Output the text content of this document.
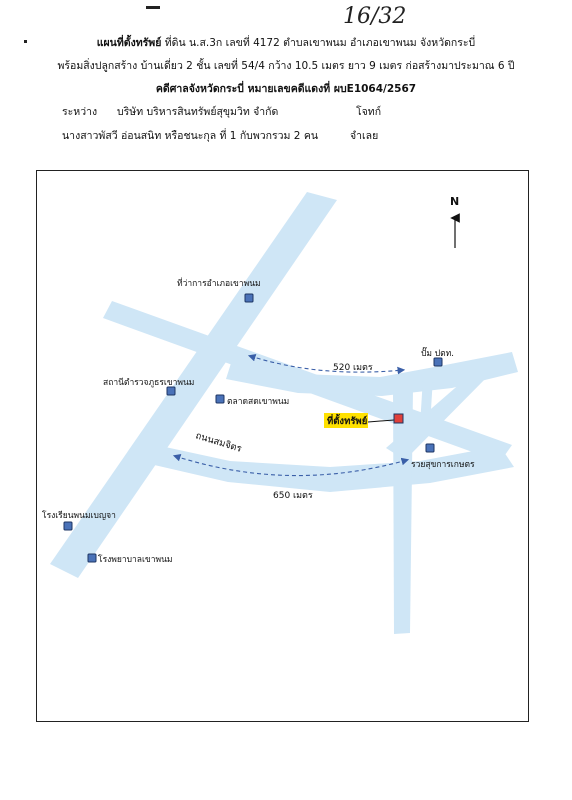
16/32
แผนที่ตั้งทรัพย์ ที่ดิน น.ส.3ก เลขที่ 4172 ตำบลเขาพนม อำเภอเขาพนม จังหวัดกระบี่
พร้อมสิ่งปลูกสร้าง บ้านเดี่ยว 2 ชั้น เลขที่ 54/4 กว้าง 10.5 เมตร ยาว 9 เมตร ก่อสร้างมาประมาณ 6 ปี
คดีศาลจังหวัดกระบี่ หมายเลขคดีแดงที่ ผบE1064/2567
ระหว่าง บริษัท บริหารสินทรัพย์สุขุมวิท จำกัด	โจทก์
นางสาวพัสวี อ่อนสนิท หรือชนะกุล ที่ 1 กับพวกรวม 2 คน	จำเลย
520 เมตร
650 เมตร
ถนนสมจิตร
N
ที่ว่าการอำเภอเขาพนม
สถานีตำรวจภูธรเขาพนม
ตลาดสดเขาพนม
ปั๊ม ปตท.
รวยสุขการเกษตร
โรงเรียนพนมเบญจา
โรงพยาบาลเขาพนม
ที่ตั้งทรัพย์
